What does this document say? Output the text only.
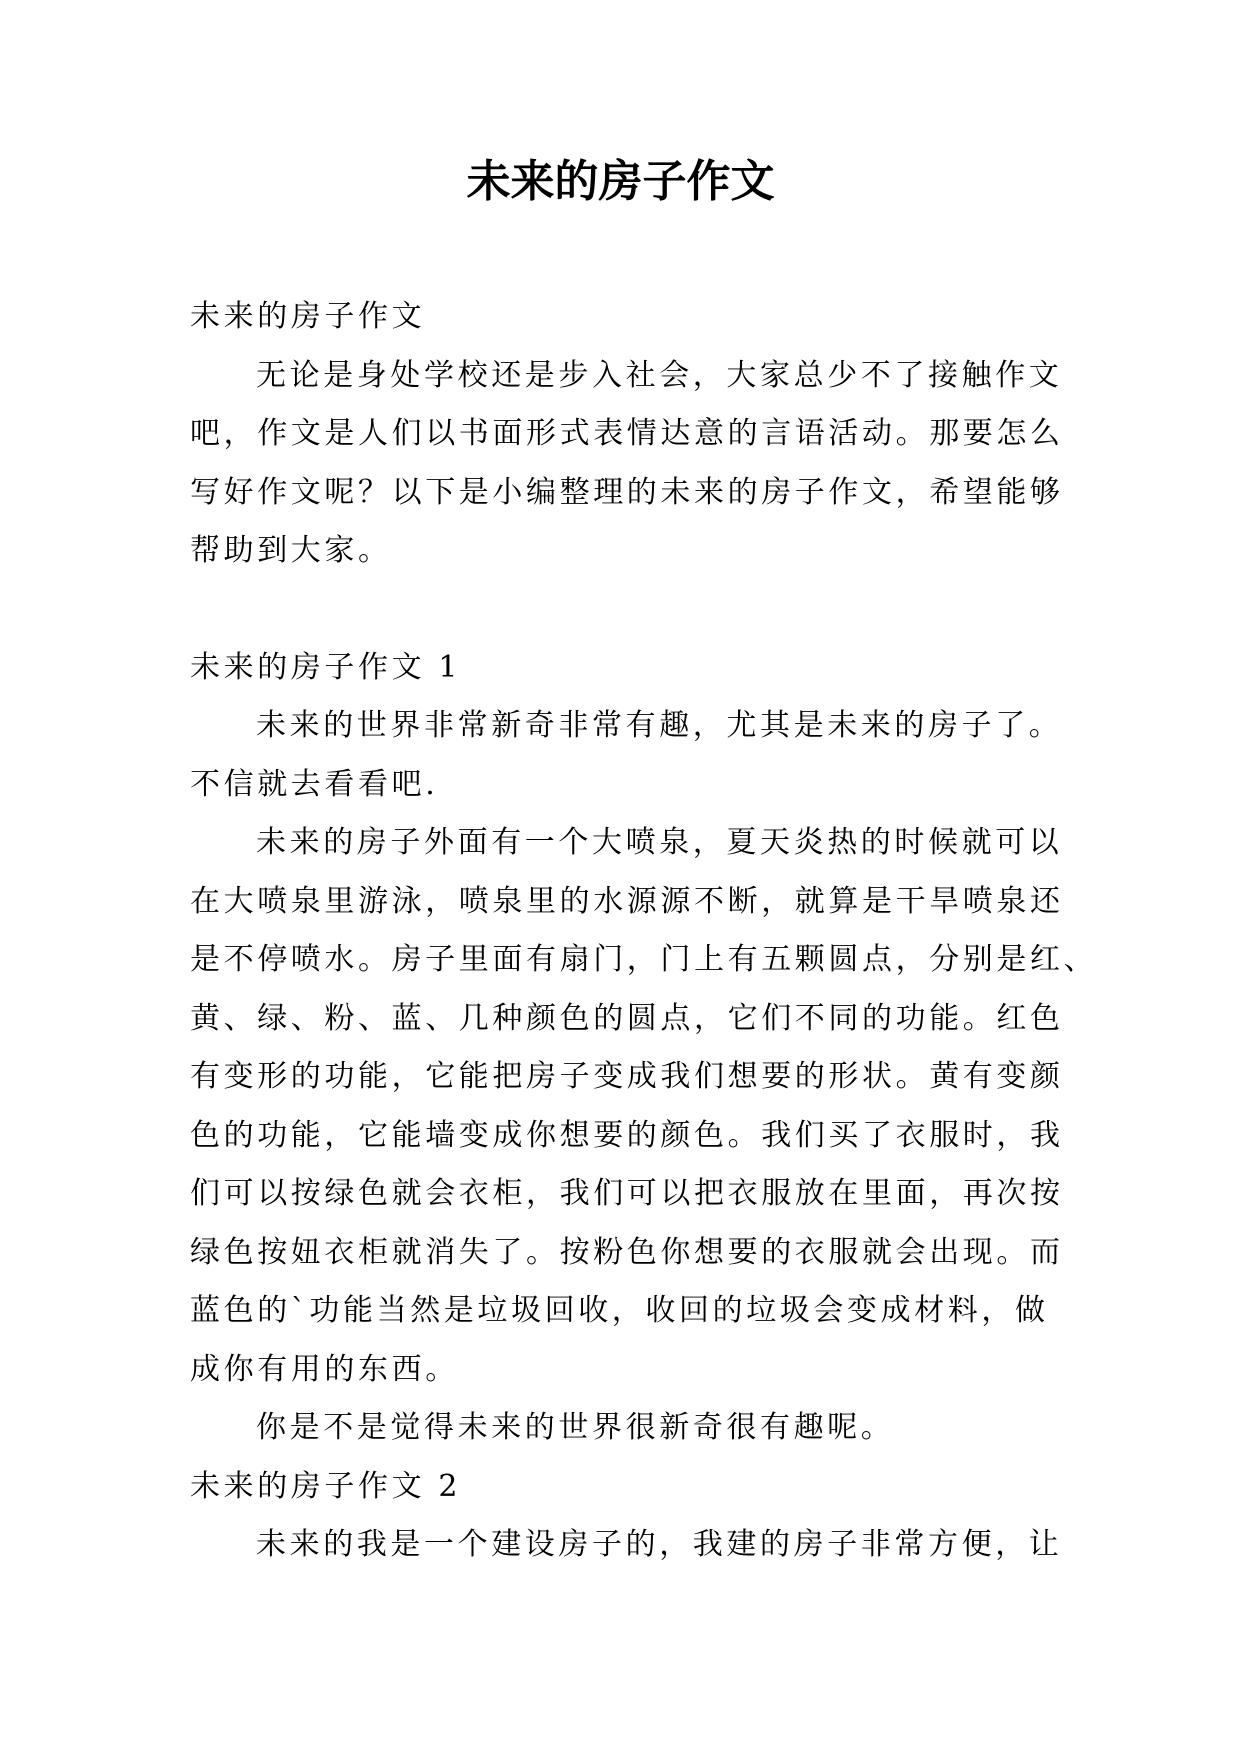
未来的房子作文

未来的房子作文

无论是身处学校还是步入社会，大家总少不了接触作文
吧，作文是人们以书面形式表情达意的言语活动。那要怎么
写好作文呢？以下是小编整理的未来的房子作文，希望能够
帮助到大家。

未来的房子作文 1

未来的世界非常新奇非常有趣，尤其是未来的房子了。
不信就去看看吧.
未来的房子外面有一个大喷泉，夏天炎热的时候就可以
在大喷泉里游泳，喷泉里的水源源不断，就算是干旱喷泉还
是不停喷水。房子里面有扇门，门上有五颗圆点，分别是红、
黄、绿、粉、蓝、几种颜色的圆点，它们不同的功能。红色
有变形的功能，它能把房子变成我们想要的形状。黄有变颜
色的功能，它能墙变成你想要的颜色。我们买了衣服时，我
们可以按绿色就会衣柜，我们可以把衣服放在里面，再次按
绿色按妞衣柜就消失了。按粉色你想要的衣服就会出现。而
蓝色的`功能当然是垃圾回收，收回的垃圾会变成材料，做
成你有用的东西。
你是不是觉得未来的世界很新奇很有趣呢。

未来的房子作文 2

未来的我是一个建设房子的，我建的房子非常方便，让
